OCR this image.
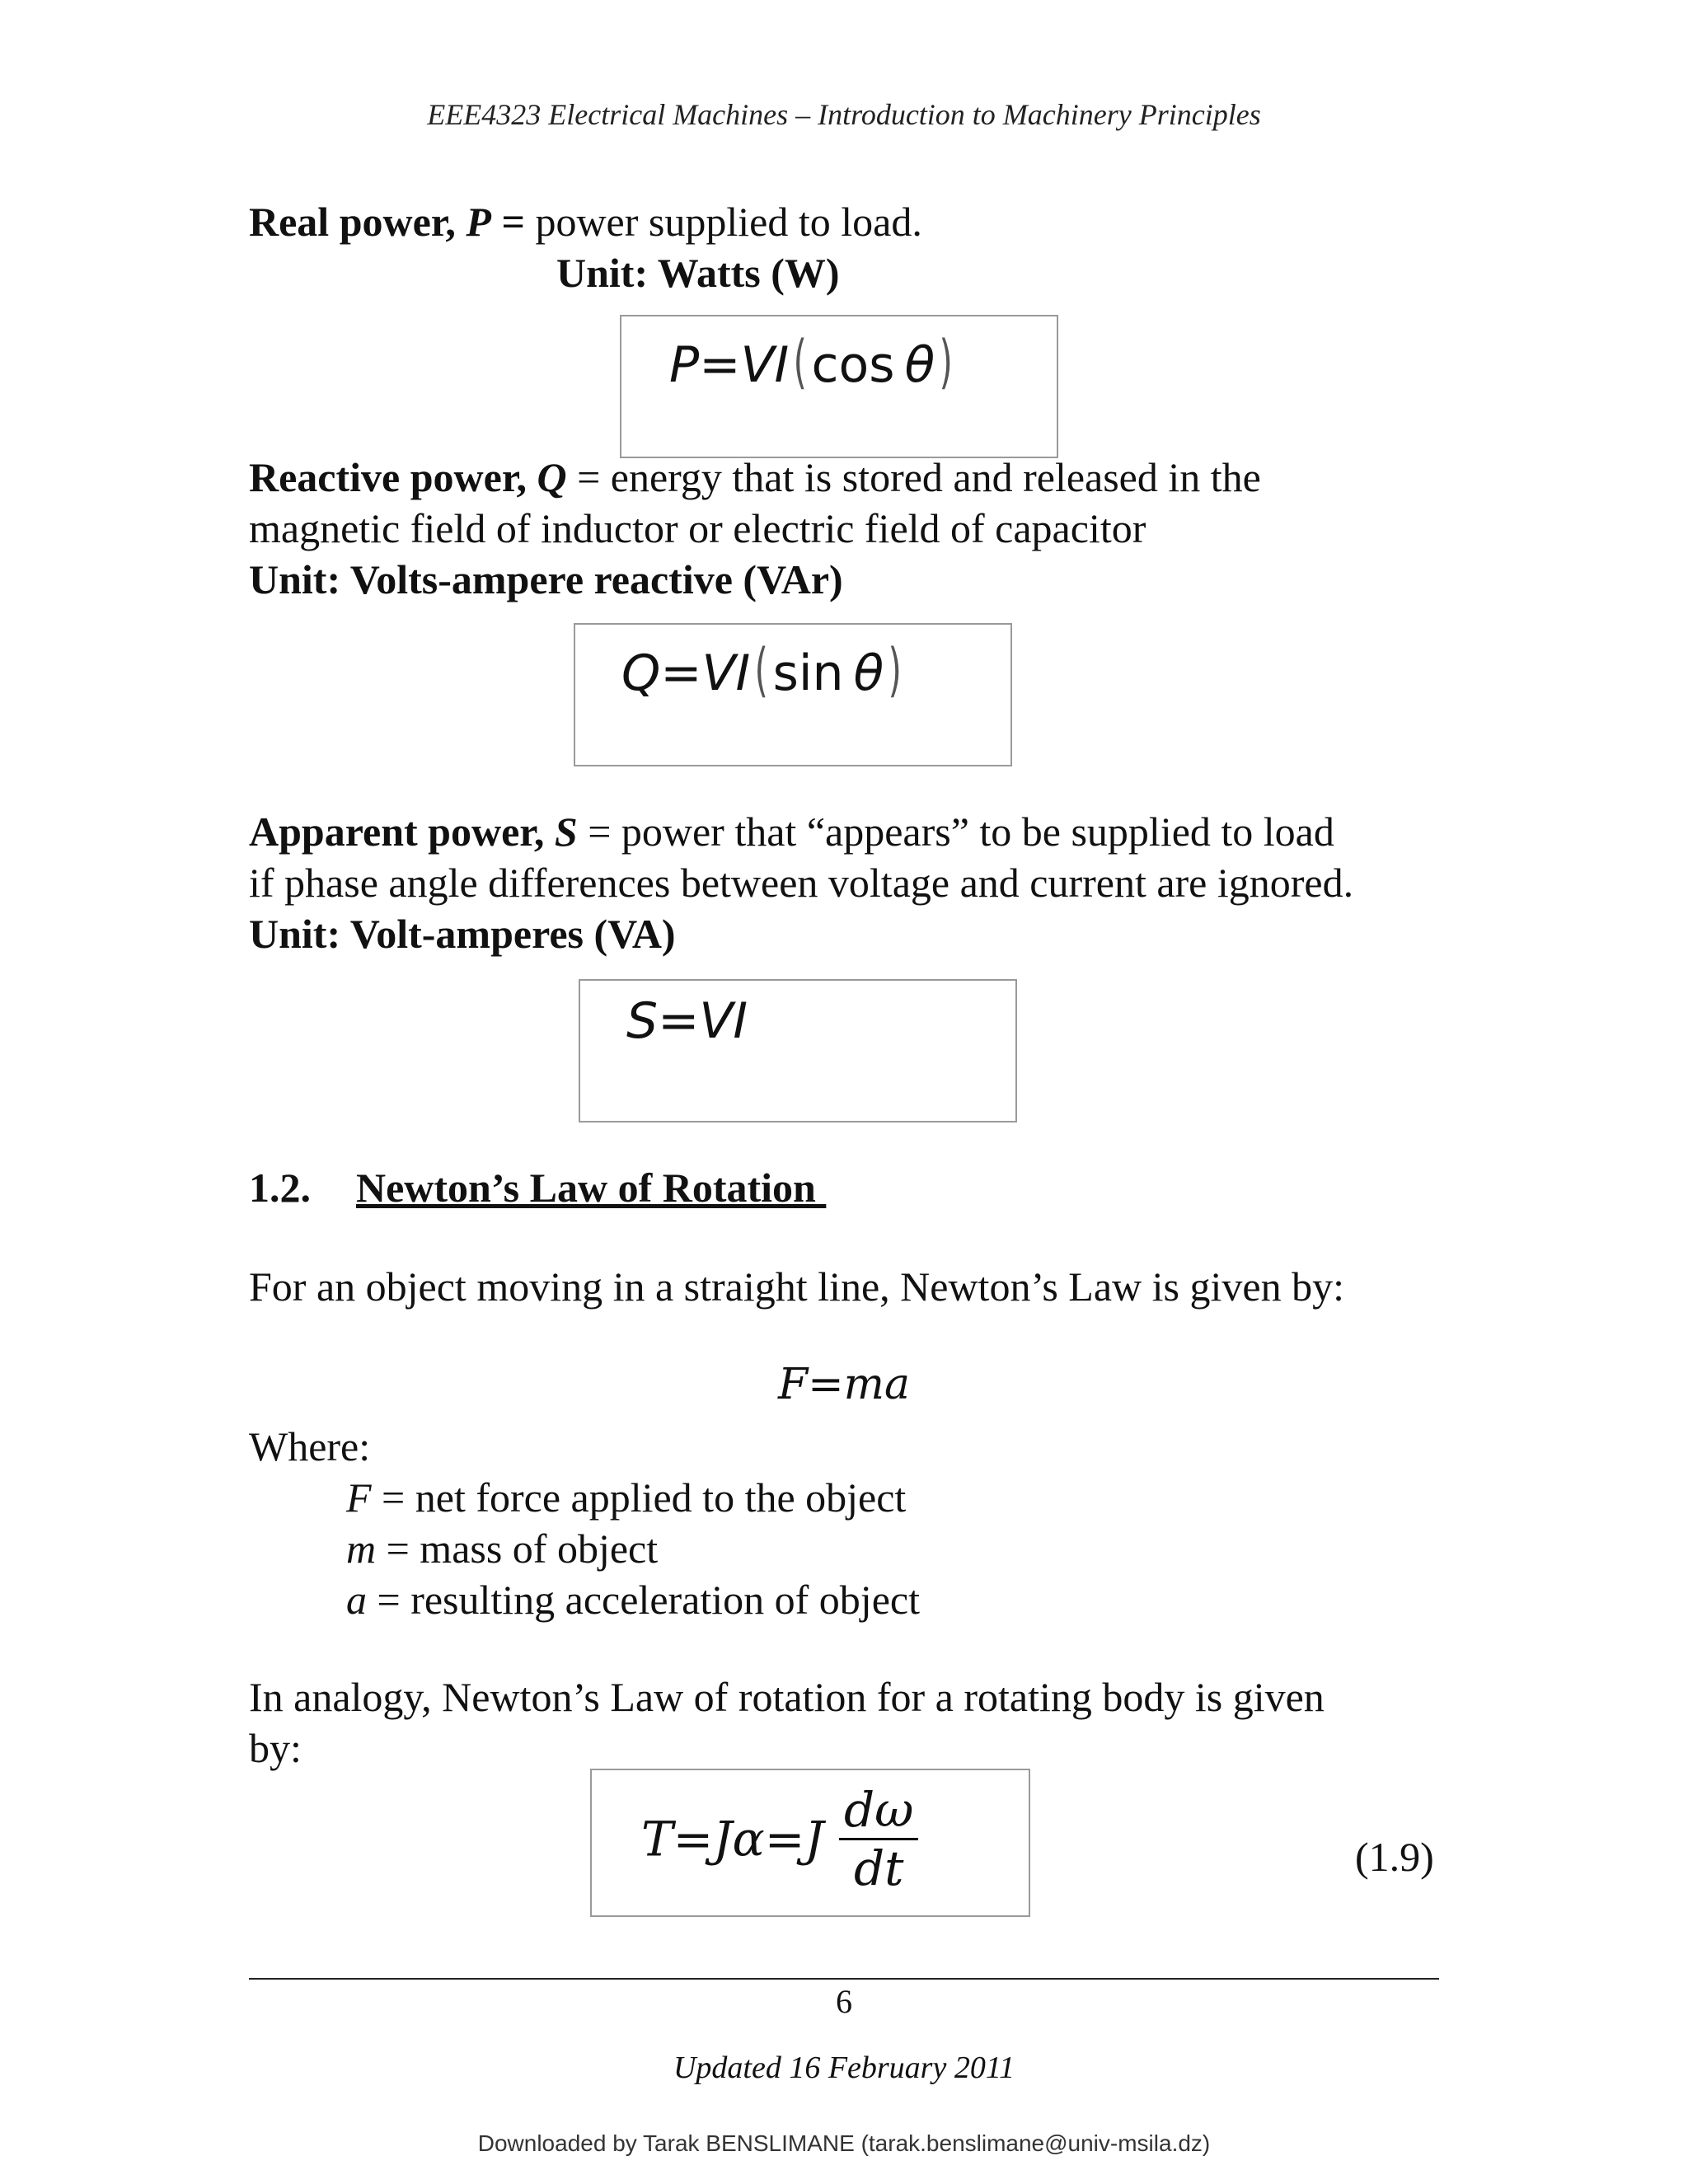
EEE4323 Electrical Machines – Introduction to Machinery Principles
Real power, P = power supplied to load.
Unit: Watts (W)
P=VI(cos  θ)
Reactive power, Q = energy that is stored and released in the
magnetic field of inductor or electric field of capacitor
Unit: Volts-ampere reactive (VAr)
Q=VI(sin  θ)
Apparent power, S = power that “appears” to be supplied to load
if phase angle differences between voltage and current are ignored.
Unit: Volt-amperes (VA)
S=VI
1.2. Newton’s Law of Rotation
For an object moving in a straight line, Newton’s Law is given by:
F=ma
Where:
F = net force applied to the object
m = mass of object
a = resulting acceleration of object
In analogy, Newton’s Law of rotation for a rotating body is given
by:
$T=J\alpha=J \frac{d\omega}{dt}$	(1.9)
6
Updated 16 February 2011
Downloaded by Tarak BENSLIMANE (tarak.benslimane@univ-msila.dz)
